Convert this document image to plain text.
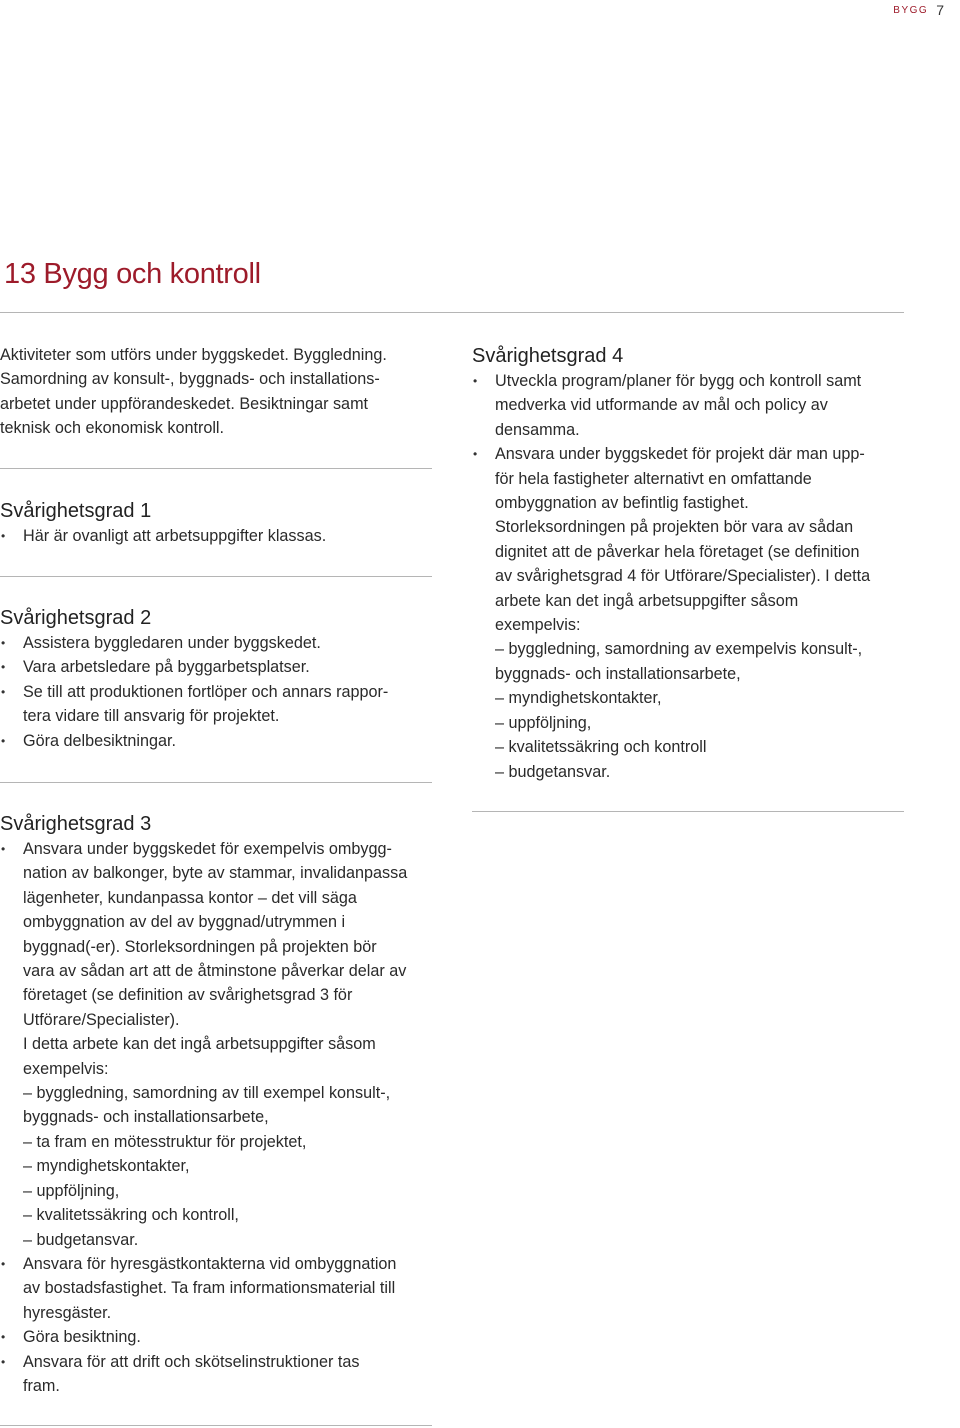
BYGG 7
13 Bygg och kontroll

Aktiviteter som utförs under byggskedet. Byggledning.
Samordning av konsult-, byggnads- och installations-
arbetet under uppförandeskedet. Besiktningar samt
teknisk och ekonomisk kontroll.

Svårighetsgrad 1
• Här är ovanligt att arbetsuppgifter klassas.
Svårighetsgrad 2
• Assistera byggledaren under byggskedet.
• Vara arbetsledare på byggarbetsplatser.
• Se till att produktionen fortlöper och annars rappor-
tera vidare till ansvarig för projektet.
• Göra delbesiktningar.
Svårighetsgrad 3
• Ansvara under byggskedet för exempelvis ombygg-
nation av balkonger, byte av stammar, invalidanpassa
lägenheter, kundanpassa kontor – det vill säga
ombyggnation av del av byggnad/utrymmen i
byggnad(-er). Storleksordningen på projekten bör
vara av sådan art att de åtminstone påverkar delar av
företaget (se definition av svårighetsgrad 3 för
Utförare/Specialister).
I detta arbete kan det ingå arbetsuppgifter såsom
exempelvis:
– byggledning, samordning av till exempel konsult-,
byggnads- och installationsarbete,
– ta fram en mötesstruktur för projektet,
– myndighetskontakter,
– uppföljning,
– kvalitetssäkring och kontroll,
– budgetansvar.
• Ansvara för hyresgästkontakterna vid ombyggnation
av bostadsfastighet. Ta fram informationsmaterial till
hyresgäster.
• Göra besiktning.
• Ansvara för att drift och skötselinstruktioner tas
fram.
Svårighetsgrad 4
• Utveckla program/planer för bygg och kontroll samt
medverka vid utformande av mål och policy av
densamma.
• Ansvara under byggskedet för projekt där man upp-
för hela fastigheter alternativt en omfattande
ombyggnation av befintlig fastighet.
Storleksordningen på projekten bör vara av sådan
dignitet att de påverkar hela företaget (se definition
av svårighetsgrad 4 för Utförare/Specialister). I detta
arbete kan det ingå arbetsuppgifter såsom
exempelvis:
– byggledning, samordning av exempelvis konsult-,
byggnads- och installationsarbete,
– myndighetskontakter,
– uppföljning,
– kvalitetssäkring och kontroll
– budgetansvar.
